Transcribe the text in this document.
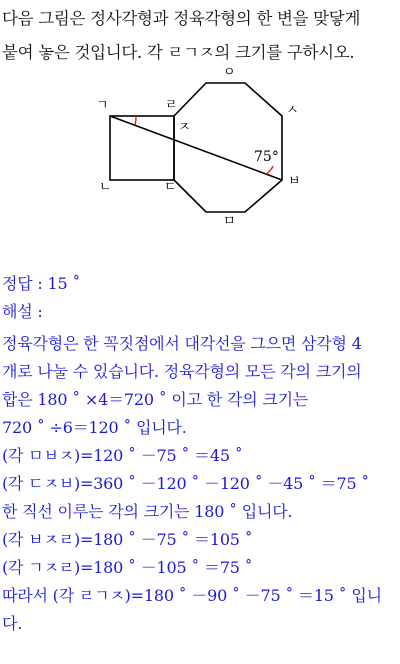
다음 그림은 정사각형과 정육각형의 한 변을 맞닿게
붙여 놓은 것입니다. 각 ㄹㄱㅈ의 크기를 구하시오.
ㄱ	ㄹ
ㅈ
ㄴ	ㄷ
ㅇ
ㅅ
ㅂ
ㅁ
75°
정답 : 15 ˚
해설 :
정육각형은 한 꼭짓점에서 대각선을 그으면 삼각형 4
개로 나눌 수 있습니다. 정육각형의 모든 각의 크기의
합은 180 ˚ ×4＝720 ˚ 이고 한 각의 크기는
720 ˚ ÷6＝120 ˚ 입니다.
(각 ㅁㅂㅈ)=120 ˚ －75 ˚ ＝45 ˚
(각 ㄷㅈㅂ)=360 ˚ －120 ˚ －120 ˚ －45 ˚ ＝75 ˚
한 직선 이루는 각의 크기는 180 ˚ 입니다.
(각 ㅂㅈㄹ)=180 ˚ －75 ˚ ＝105 ˚
(각 ㄱㅈㄹ)=180 ˚ －105 ˚ ＝75 ˚
따라서 (각 ㄹㄱㅈ)=180 ˚ －90 ˚ －75 ˚ ＝15 ˚ 입니
다.
